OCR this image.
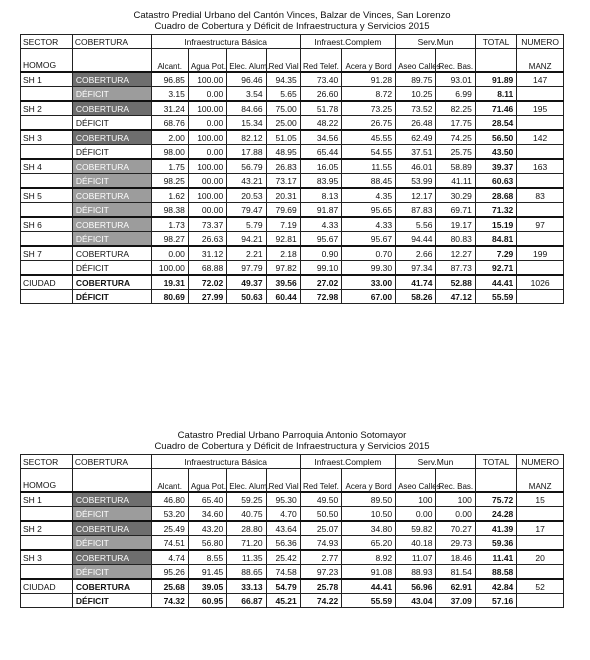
Catastro Predial Urbano del Cantón Vinces, Balzar de Vinces, San Lorenzo
Cuadro de Cobertura y Déficit de Infraestructura y Servicios 2015
SECTOR	COBERTURA	Infraestructura Básica				Infraest.Complem		Serv.Mun		TOTAL	NUMERO
HOMOG		Alcant.	Agua Pot.	Elec. Alum.	Red Vial	Red Telef.	Acera y Bord	Aseo Calles	Rec. Bas.		MANZ
SH 1	COBERTURA	96.85	100.00	96.46	94.35	73.40	91.28	89.75	93.01	91.89	147
	DÉFICIT	3.15	0.00	3.54	5.65	26.60	8.72	10.25	6.99	8.11	
SH 2	COBERTURA	31.24	100.00	84.66	75.00	51.78	73.25	73.52	82.25	71.46	195
	DÉFICIT	68.76	0.00	15.34	25.00	48.22	26.75	26.48	17.75	28.54	
SH 3	COBERTURA	2.00	100.00	82.12	51.05	34.56	45.55	62.49	74.25	56.50	142
	DÉFICIT	98.00	0.00	17.88	48.95	65.44	54.55	37.51	25.75	43.50	
SH 4	COBERTURA	1.75	100.00	56.79	26.83	16.05	11.55	46.01	58.89	39.37	163
	DÉFICIT	98.25	00.00	43.21	73.17	83.95	88.45	53.99	41.11	60.63	
SH 5	COBERTURA	1.62	100.00	20.53	20.31	8.13	4.35	12.17	30.29	28.68	83
	DÉFICIT	98.38	00.00	79.47	79.69	91.87	95.65	87.83	69.71	71.32	
SH 6	COBERTURA	1.73	73.37	5.79	7.19	4.33	4.33	5.56	19.17	15.19	97
	DÉFICIT	98.27	26.63	94.21	92.81	95.67	95.67	94.44	80.83	84.81	
SH 7	COBERTURA	0.00	31.12	2.21	2.18	0.90	0.70	2.66	12.27	7.29	199
	DÉFICIT	100.00	68.88	97.79	97.82	99.10	99.30	97.34	87.73	92.71	
CIUDAD	COBERTURA	19.31	72.02	49.37	39.56	27.02	33.00	41.74	52.88	44.41	1026
	DÉFICIT	80.69	27.99	50.63	60.44	72.98	67.00	58.26	47.12	55.59	
Catastro Predial Urbano Parroquia Antonio Sotomayor
Cuadro de Cobertura y Déficit de Infraestructura y Servicios 2015
SECTOR	COBERTURA	Infraestructura Básica				Infraest.Complem		Serv.Mun		TOTAL	NUMERO
HOMOG		Alcant.	Agua Pot.	Elec. Alum.	Red Vial	Red Telef.	Acera y Bord	Aseo Calles	Rec. Bas.		MANZ
SH 1	COBERTURA	46.80	65.40	59.25	95.30	49.50	89.50	100	100	75.72	15
	DÉFICIT	53.20	34.60	40.75	4.70	50.50	10.50	0.00	0.00	24.28	
SH 2	COBERTURA	25.49	43.20	28.80	43.64	25.07	34.80	59.82	70.27	41.39	17
	DÉFICIT	74.51	56.80	71.20	56.36	74.93	65.20	40.18	29.73	59.36	
SH 3	COBERTURA	4.74	8.55	11.35	25.42	2.77	8.92	11.07	18.46	11.41	20
	DÉFICIT	95.26	91.45	88.65	74.58	97.23	91.08	88.93	81.54	88.58	
CIUDAD	COBERTURA	25.68	39.05	33.13	54.79	25.78	44.41	56.96	62.91	42.84	52
	DÉFICIT	74.32	60.95	66.87	45.21	74.22	55.59	43.04	37.09	57.16	
